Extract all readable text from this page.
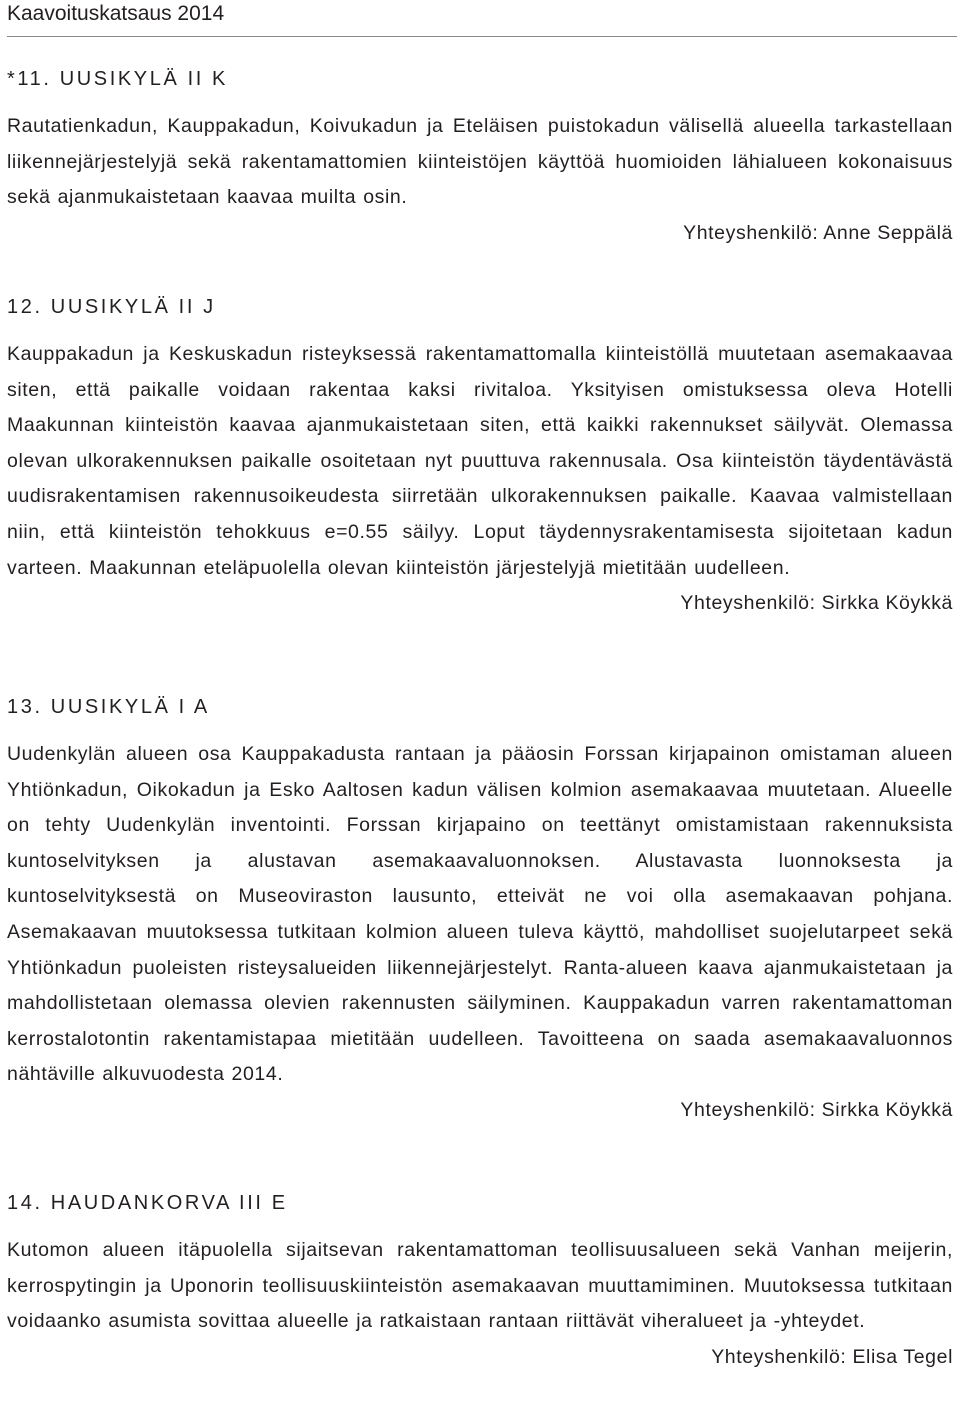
Kaavoituskatsaus 2014
*11. UUSIKYLÄ II K

Rautatienkadun, Kauppakadun, Koivukadun ja Eteläisen puistokadun välisellä alueella tarkastellaan liikennejärjestelyjä sekä rakentamattomien kiinteistöjen käyttöä huomioiden lähialueen kokonaisuus sekä ajanmukaistetaan kaavaa muilta osin.

Yhteyshenkilö: Anne Seppälä

12. UUSIKYLÄ II J

Kauppakadun ja Keskuskadun risteyksessä rakentamattomalla kiinteistöllä muutetaan asemakaavaa siten, että paikalle voidaan rakentaa kaksi rivitaloa. Yksityisen omistuksessa oleva Hotelli Maakunnan kiinteistön kaavaa ajanmukaistetaan siten, että kaikki rakennukset säilyvät. Olemassa olevan ulkorakennuksen paikalle osoitetaan nyt puuttuva rakennusala. Osa kiinteistön täydentävästä uudisrakentamisen rakennusoikeudesta siirretään ulkorakennuksen paikalle. Kaavaa valmistellaan niin, että kiinteistön tehokkuus e=0.55 säilyy. Loput täydennysrakentamisesta sijoitetaan kadun varteen. Maakunnan eteläpuolella olevan kiinteistön järjestelyjä mietitään uudelleen.

Yhteyshenkilö: Sirkka Köykkä

13. UUSIKYLÄ I A

Uudenkylän alueen osa Kauppakadusta rantaan ja pääosin Forssan kirjapainon omistaman alueen Yhtiönkadun, Oikokadun ja Esko Aaltosen kadun välisen kolmion asemakaavaa muutetaan. Alueelle on tehty Uudenkylän inventointi. Forssan kirjapaino on teettänyt omistamistaan rakennuksista kuntoselvityksen ja alustavan asemakaavaluonnoksen. Alustavasta luonnoksesta ja kuntoselvityksestä on Museoviraston lausunto, etteivät ne voi olla asemakaavan pohjana. Asemakaavan muutoksessa tutkitaan kolmion alueen tuleva käyttö, mahdolliset suojelutarpeet sekä Yhtiönkadun puoleisten risteysalueiden liikennejärjestelyt. Ranta-alueen kaava ajanmukaistetaan ja mahdollistetaan olemassa olevien rakennusten säilyminen. Kauppakadun varren rakentamattoman kerrostalotontin rakentamistapaa mietitään uudelleen. Tavoitteena on saada asemakaavaluonnos nähtäville alkuvuodesta 2014.

Yhteyshenkilö: Sirkka Köykkä

14. HAUDANKORVA III E

Kutomon alueen itäpuolella sijaitsevan rakentamattoman teollisuusalueen sekä Vanhan meijerin, kerrospytingin ja Uponorin teollisuuskiinteistön asemakaavan muuttamiminen. Muutoksessa tutkitaan voidaanko asumista sovittaa alueelle ja ratkaistaan rantaan riittävät viheralueet ja -yhteydet.

Yhteyshenkilö: Elisa Tegel
